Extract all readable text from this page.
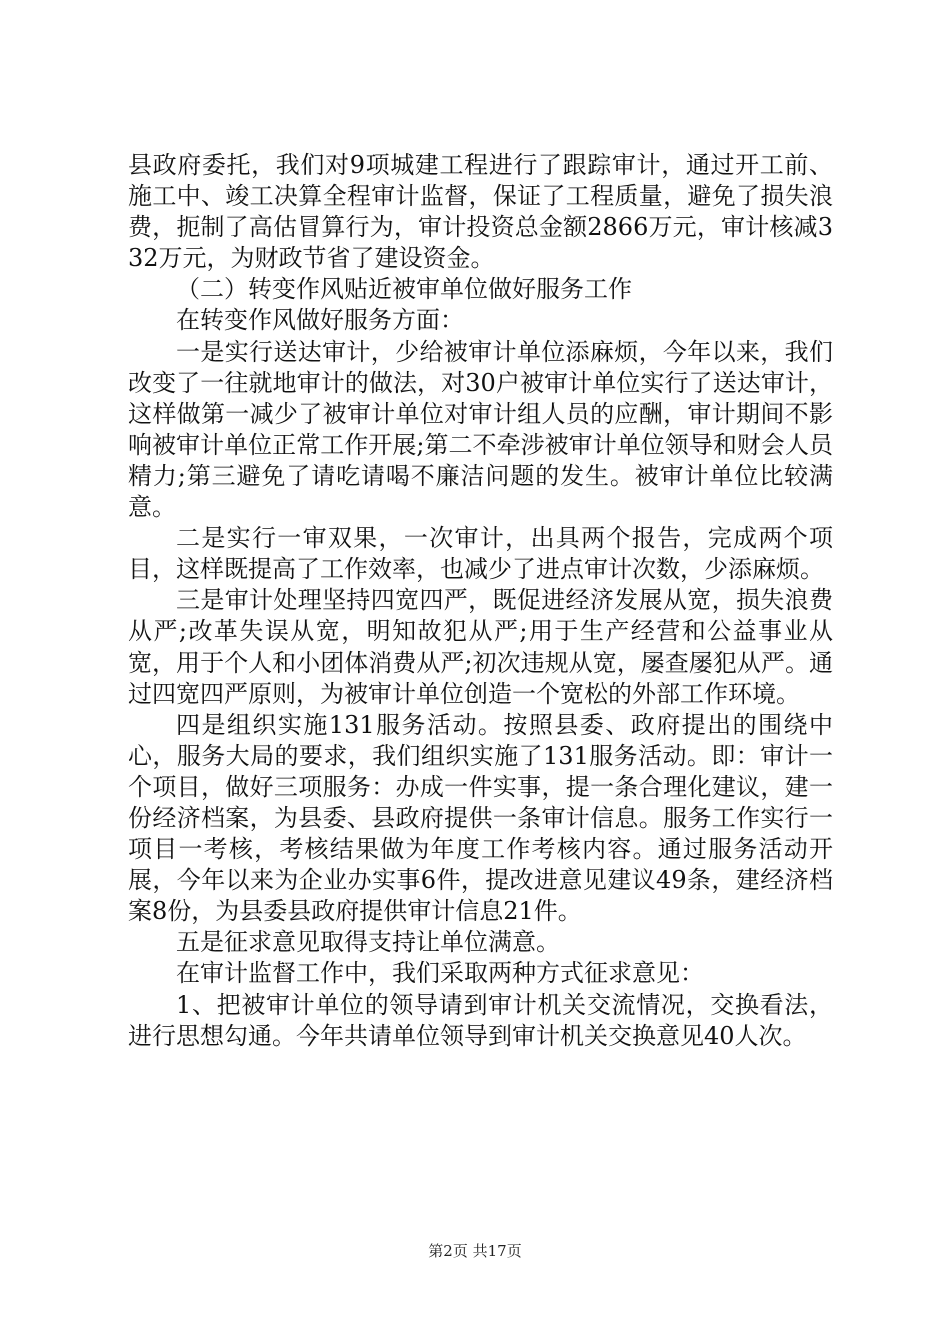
县政府委托，我们对9项城建工程进行了跟踪审计，通过开工前、施工中、竣工决算全程审计监督，保证了工程质量，避免了损失浪费，扼制了高估冒算行为，审计投资总金额2866万元，审计核减332万元，为财政节省了建设资金。

（二）转变作风贴近被审单位做好服务工作

在转变作风做好服务方面：

一是实行送达审计，少给被审计单位添麻烦，今年以来，我们改变了一往就地审计的做法，对30户被审计单位实行了送达审计，这样做第一减少了被审计单位对审计组人员的应酬，审计期间不影响被审计单位正常工作开展;第二不牵涉被审计单位领导和财会人员精力;第三避免了请吃请喝不廉洁问题的发生。被审计单位比较满意。

二是实行一审双果，一次审计，出具两个报告，完成两个项目，这样既提高了工作效率，也减少了进点审计次数，少添麻烦。

三是审计处理坚持四宽四严，既促进经济发展从宽，损失浪费从严;改革失误从宽，明知故犯从严;用于生产经营和公益事业从宽，用于个人和小团体消费从严;初次违规从宽，屡查屡犯从严。通过四宽四严原则，为被审计单位创造一个宽松的外部工作环境。

四是组织实施131服务活动。按照县委、政府提出的围绕中心，服务大局的要求，我们组织实施了131服务活动。即：审计一个项目，做好三项服务：办成一件实事，提一条合理化建议，建一份经济档案，为县委、县政府提供一条审计信息。服务工作实行一项目一考核，考核结果做为年度工作考核内容。通过服务活动开展，今年以来为企业办实事6件，提改进意见建议49条，建经济档案8份，为县委县政府提供审计信息21件。

五是征求意见取得支持让单位满意。

在审计监督工作中，我们采取两种方式征求意见：

1、把被审计单位的领导请到审计机关交流情况，交换看法，进行思想勾通。今年共请单位领导到审计机关交换意见40人次。

第2页 共17页
